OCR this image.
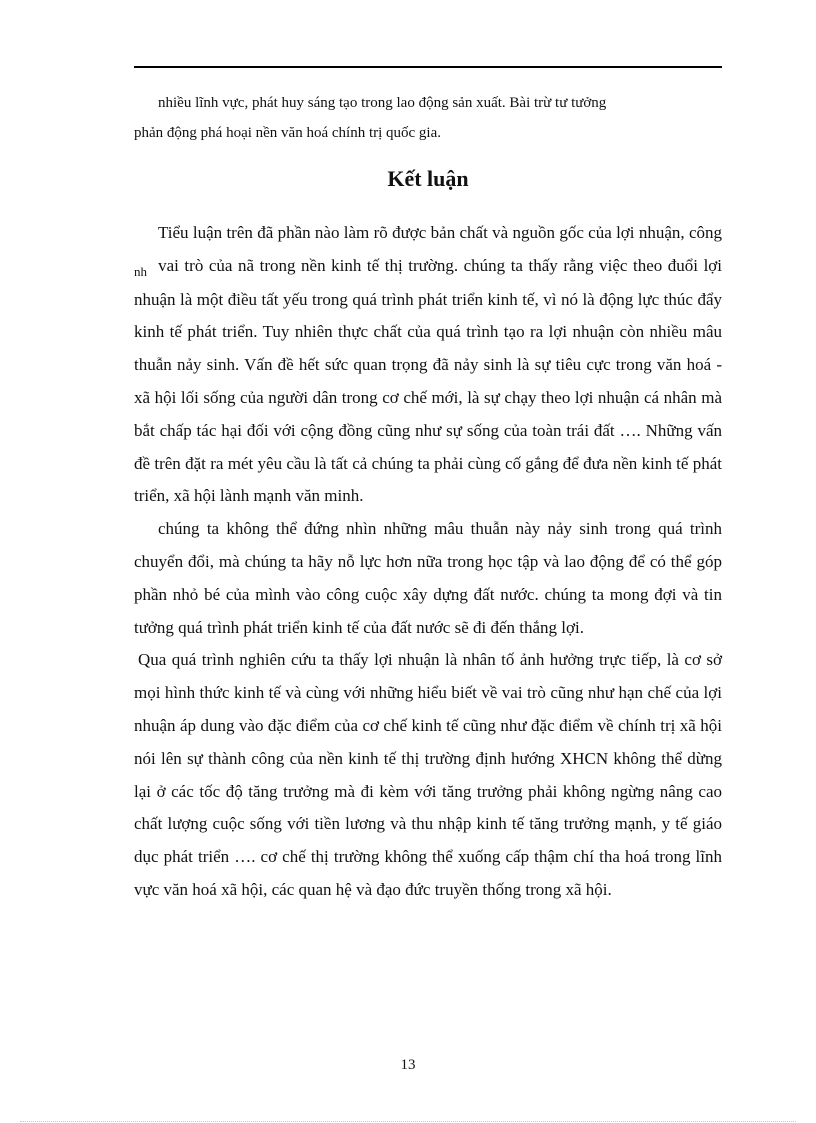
nhiều lĩnh vực, phát huy sáng tạo trong lao động sản xuất. Bài trừ tư tưởng

phản động phá hoại nền văn hoá chính trị quốc gia.

Kết luận

Tiểu luận trên đã phần nào làm rõ được bản chất và nguồn gốc của lợi nhuận, công $_{nh}$ vai trò của nã trong nền kinh tế thị trường. chúng ta thấy rằng việc theo đuổi lợi nhuận là một điều tất yếu trong quá trình phát triển kinh tế, vì nó là động lực thúc đẩy kinh tế phát triển. Tuy nhiên thực chất của quá trình tạo ra lợi nhuận còn nhiều mâu thuẫn nảy sinh. Vấn đề hết sức quan trọng đã nảy sinh là sự tiêu cực trong văn hoá - xã hội lối sống của người dân trong cơ chế mới, là sự chạy theo lợi nhuận cá nhân mà bắt chấp tác hại đối với cộng đồng cũng như sự sống của toàn trái đất …. Những vấn đề trên đặt ra mét yêu cầu là tất cả chúng ta phải cùng cố gắng để đưa nền kinh tế phát triển, xã hội lành mạnh văn minh.

chúng ta không thể đứng nhìn những mâu thuẫn này nảy sinh trong quá trình chuyển đổi, mà chúng ta hãy nỗ lực hơn nữa trong học tập và lao động để có thể góp phần nhỏ bé của mình vào công cuộc xây dựng đất nước. chúng ta mong đợi và tin tưởng quá trình phát triển kinh tế của đất nước sẽ đi đến thắng lợi.

Qua quá trình nghiên cứu ta thấy lợi nhuận là nhân tố ảnh hưởng trực tiếp, là cơ sở mọi hình thức kinh tế và cùng với những hiểu biết về vai trò cũng như hạn chế của lợi nhuận áp dung vào đặc điểm của cơ chế kinh tế cũng như đặc điểm về chính trị xã hội nói lên sự thành công của nền kinh tế thị trường định hướng XHCN không thể dừng lại ở các tốc độ tăng trưởng mà đi kèm với tăng trưởng phải không ngừng nâng cao chất lượng cuộc sống với tiền lương và thu nhập kinh tế tăng trưởng mạnh, y tế giáo dục phát triển …. cơ chế thị trường không thể xuống cấp thậm chí tha hoá trong lĩnh vực văn hoá xã hội, các quan hệ và đạo đức truyền thống trong xã hội.

13
